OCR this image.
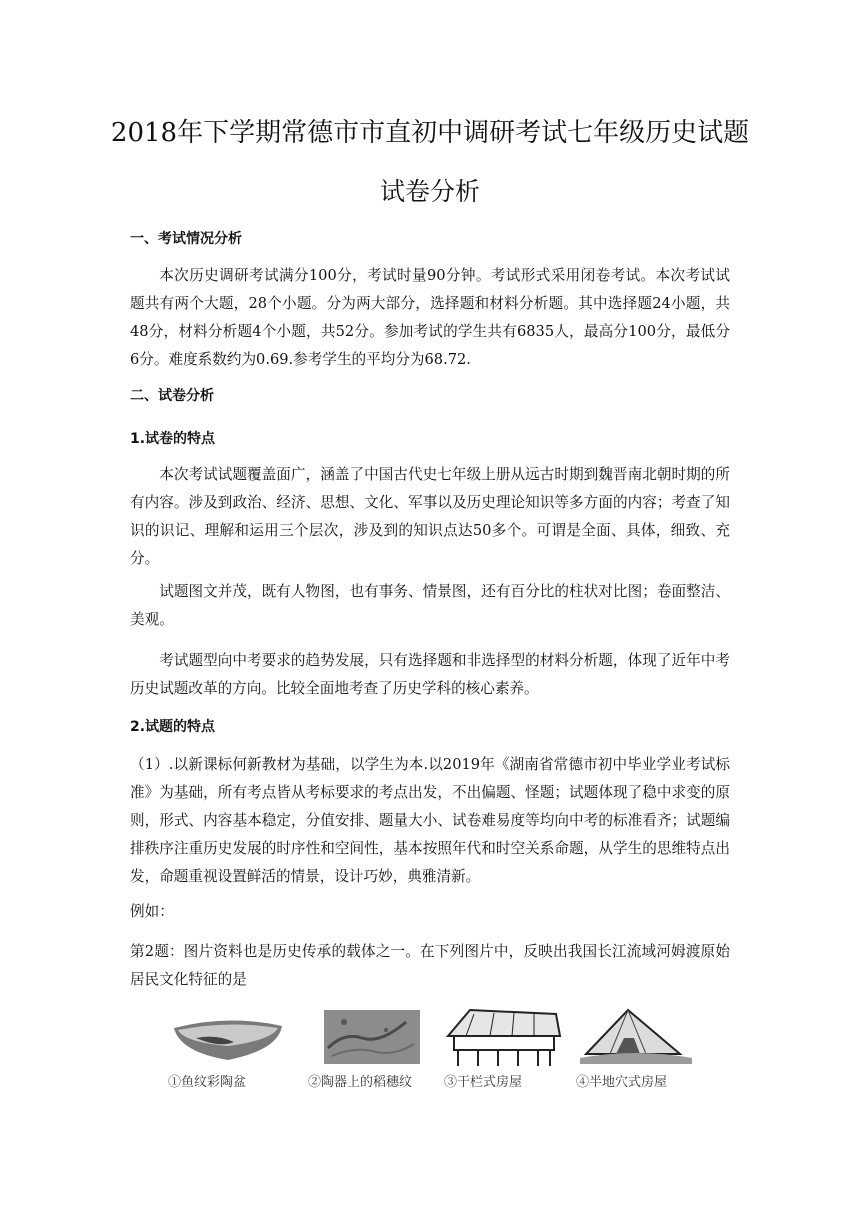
2018年下学期常德市市直初中调研考试七年级历史试题
试卷分析
一、考试情况分析
本次历史调研考试满分100分，考试时量90分钟。考试形式采用闭卷考试。本次考试试题共有两个大题，28个小题。分为两大部分，选择题和材料分析题。其中选择题24小题，共48分，材料分析题4个小题，共52分。参加考试的学生共有6835人，最高分100分，最低分6分。难度系数约为0.69.参考学生的平均分为68.72.
二、试卷分析
1.试卷的特点
本次考试试题覆盖面广，涵盖了中国古代史七年级上册从远古时期到魏晋南北朝时期的所有内容。涉及到政治、经济、思想、文化、军事以及历史理论知识等多方面的内容；考查了知识的识记、理解和运用三个层次，涉及到的知识点达50多个。可谓是全面、具体，细致、充分。
试题图文并茂，既有人物图，也有事务、情景图，还有百分比的柱状对比图；卷面整洁、美观。
考试题型向中考要求的趋势发展，只有选择题和非选择型的材料分析题，体现了近年中考历史试题改革的方向。比较全面地考查了历史学科的核心素养。
2.试题的特点
（1）.以新课标何新教材为基础，以学生为本.以2019年《湖南省常德市初中毕业学业考试标准》为基础，所有考点皆从考标要求的考点出发，不出偏题、怪题；试题体现了稳中求变的原则，形式、内容基本稳定，分值安排、题量大小、试卷难易度等均向中考的标准看齐；试题编排秩序注重历史发展的时序性和空间性，基本按照年代和时空关系命题，从学生的思维特点出发，命题重视设置鲜活的情景，设计巧妙，典雅清新。
例如：
第2题：图片资料也是历史传承的载体之一。在下列图片中，反映出我国长江流域河姆渡原始居民文化特征的是
①鱼纹彩陶盆	②陶器上的稻穗纹	③干栏式房屋	④半地穴式房屋
